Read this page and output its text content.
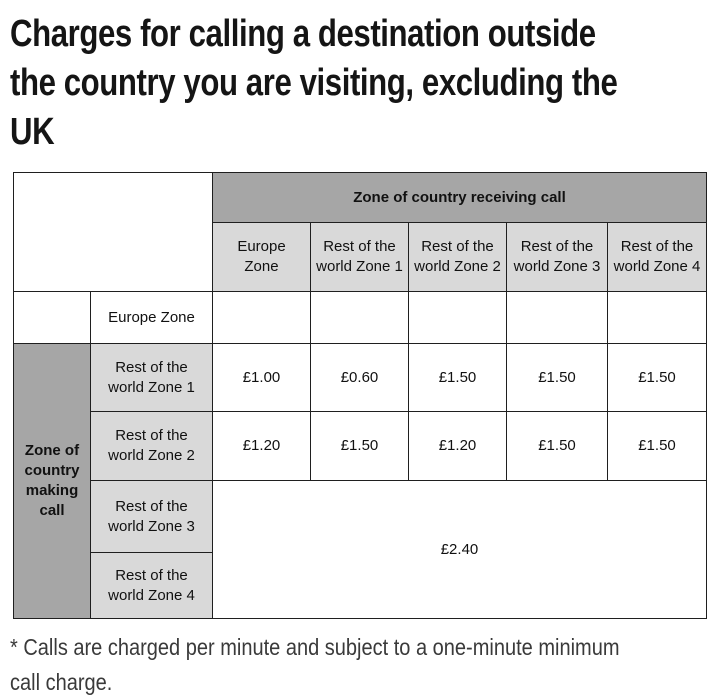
Charges for calling a destination outside
the country you are visiting, excluding the
UK
		Zone of country receiving call				
		Europe Zone	Rest of the world Zone 1	Rest of the world Zone 2	Rest of the world Zone 3	Rest of the world Zone 4
	Europe Zone					
Zone of country making call	Rest of the world Zone 1	£1.00	£0.60	£1.50	£1.50	£1.50
	Rest of the world Zone 2	£1.20	£1.50	£1.20	£1.50	£1.50
	Rest of the world Zone 3	£2.40				
	Rest of the world Zone 4					
* Calls are charged per minute and subject to a one-minute minimum
call charge.
